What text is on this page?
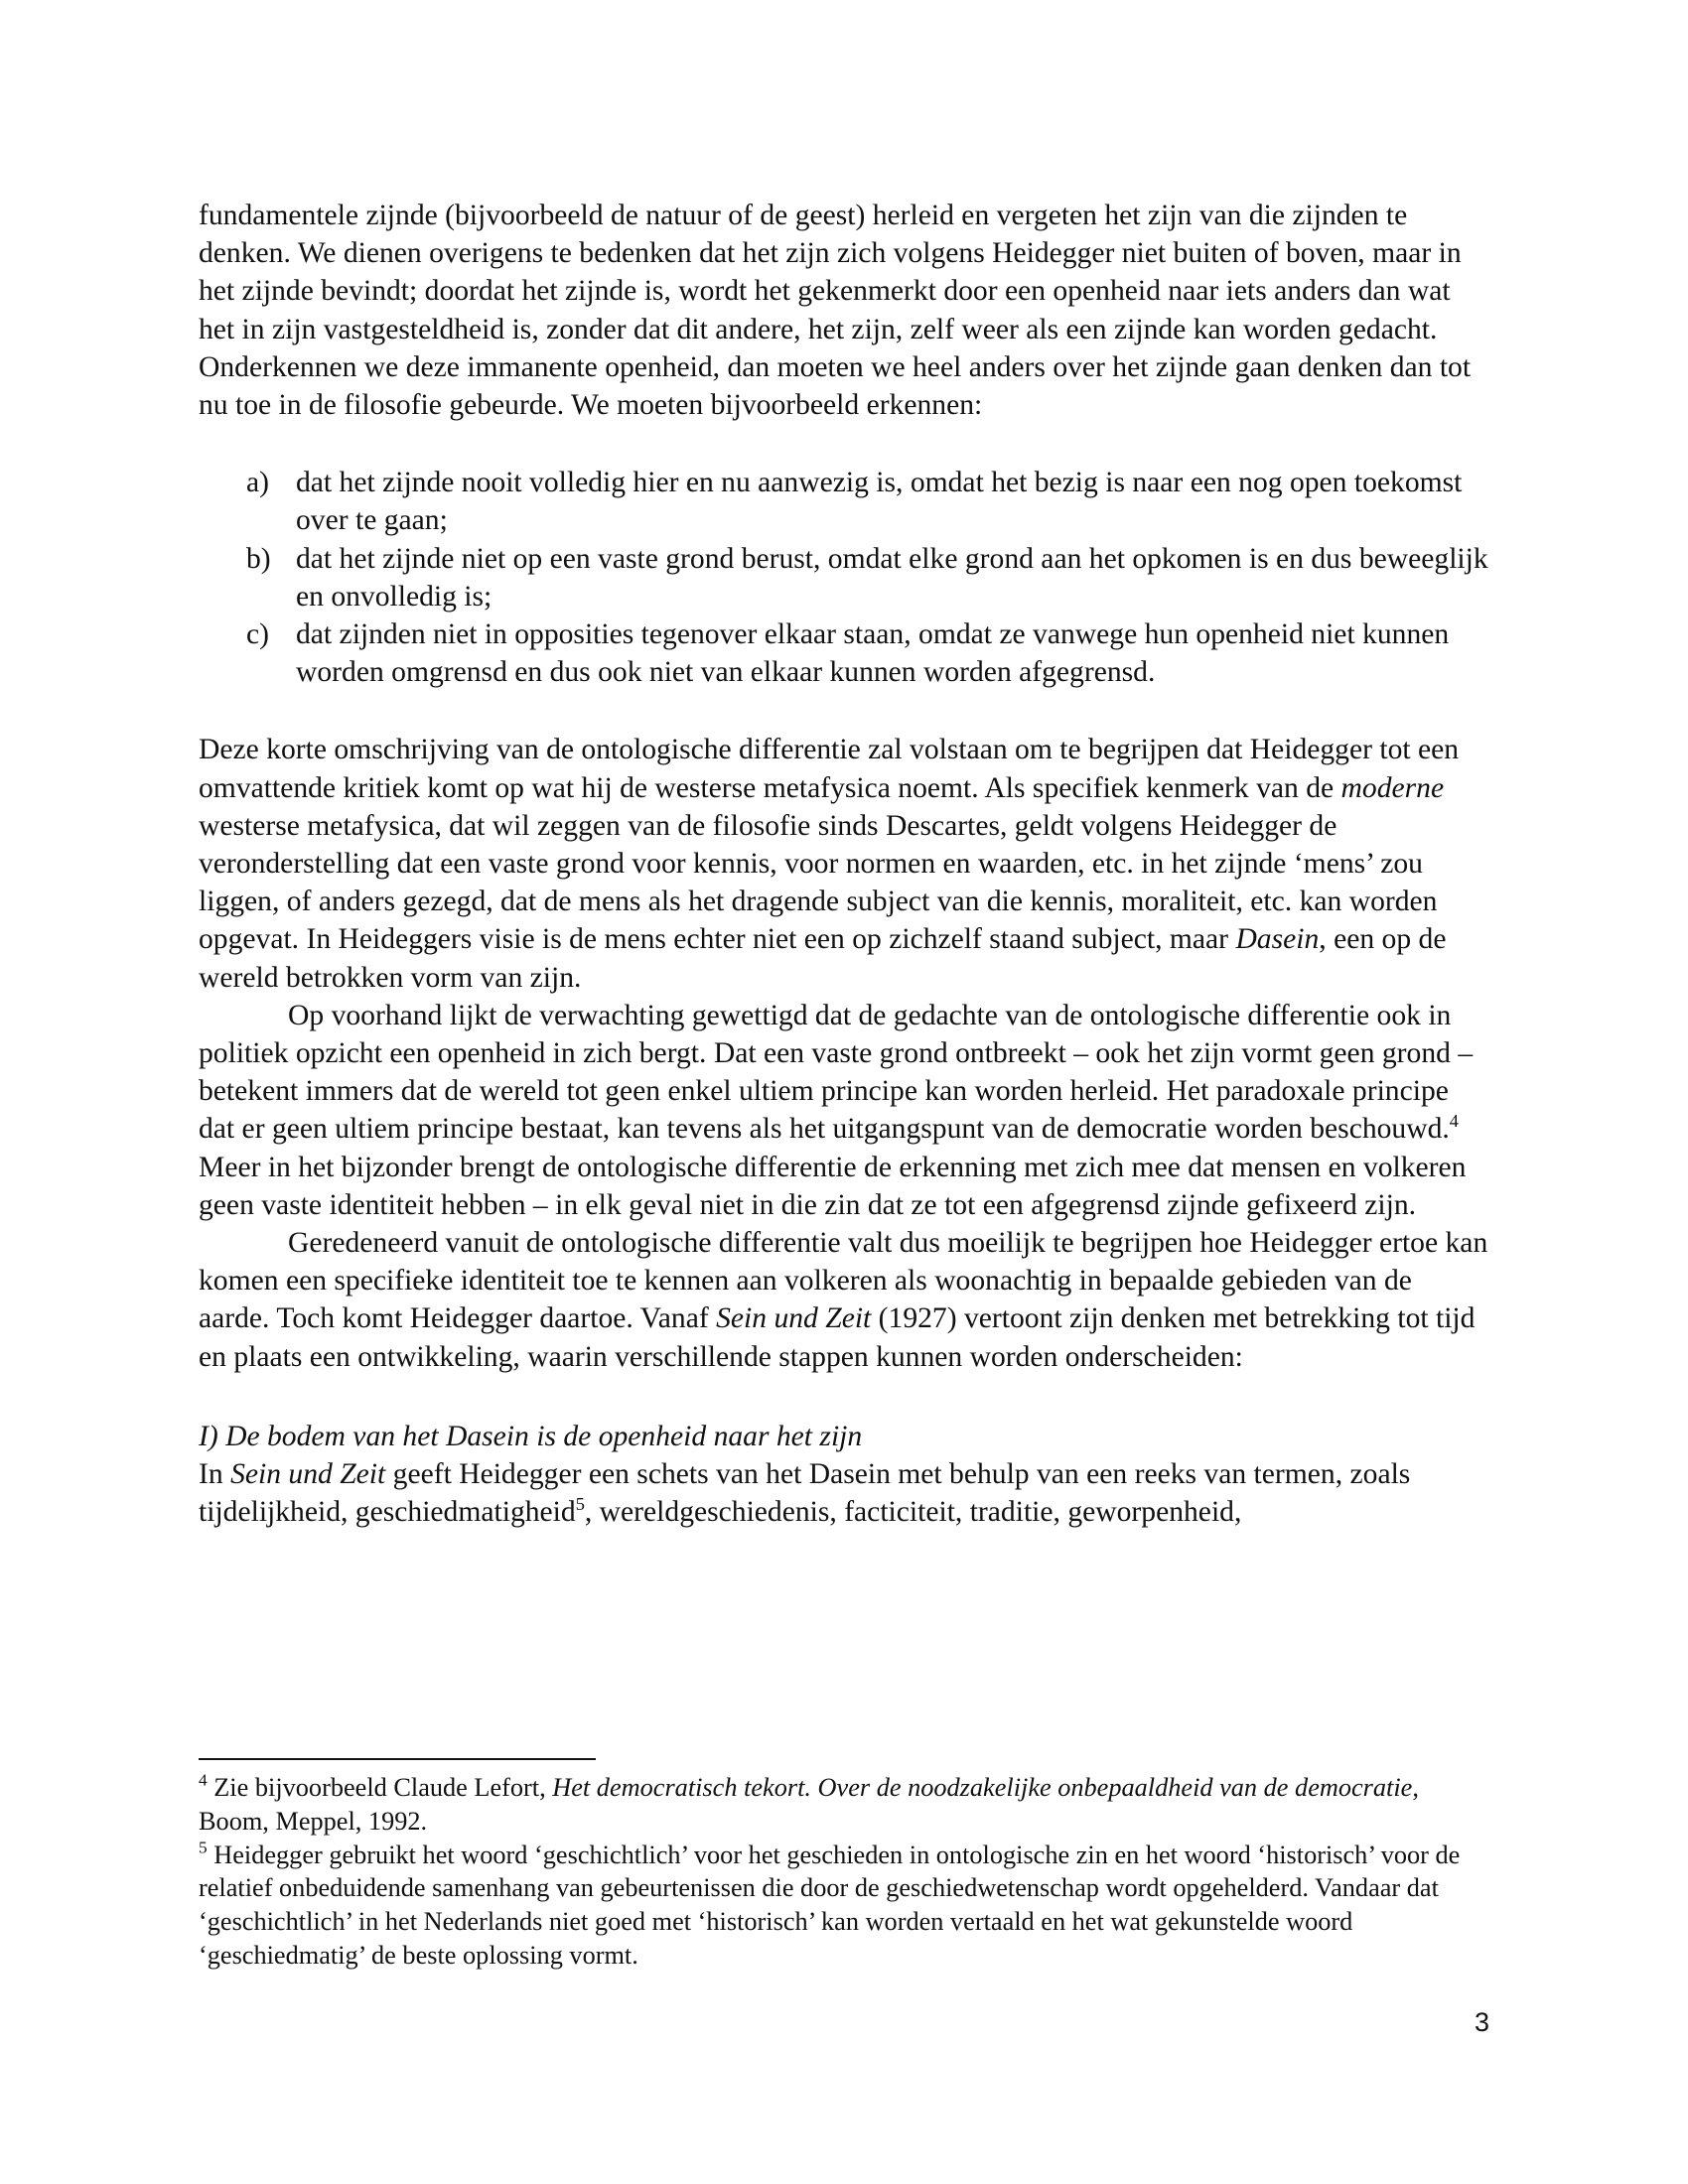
fundamentele zijnde (bijvoorbeeld de natuur of de geest) herleid en vergeten het zijn van die zijnden te denken. We dienen overigens te bedenken dat het zijn zich volgens Heidegger niet buiten of boven, maar in het zijnde bevindt; doordat het zijnde is, wordt het gekenmerkt door een openheid naar iets anders dan wat het in zijn vastgesteldheid is, zonder dat dit andere, het zijn, zelf weer als een zijnde kan worden gedacht. Onderkennen we deze immanente openheid, dan moeten we heel anders over het zijnde gaan denken dan tot nu toe in de filosofie gebeurde. We moeten bijvoorbeeld erkennen:

a) dat het zijnde nooit volledig hier en nu aanwezig is, omdat het bezig is naar een nog open toekomst over te gaan;
b) dat het zijnde niet op een vaste grond berust, omdat elke grond aan het opkomen is en dus beweeglijk en onvolledig is;
c) dat zijnden niet in opposities tegenover elkaar staan, omdat ze vanwege hun openheid niet kunnen worden omgrensd en dus ook niet van elkaar kunnen worden afgegrensd.

Deze korte omschrijving van de ontologische differentie zal volstaan om te begrijpen dat Heidegger tot een omvattende kritiek komt op wat hij de westerse metafysica noemt. Als specifiek kenmerk van de moderne westerse metafysica, dat wil zeggen van de filosofie sinds Descartes, geldt volgens Heidegger de veronderstelling dat een vaste grond voor kennis, voor normen en waarden, etc. in het zijnde ‘mens’ zou liggen, of anders gezegd, dat de mens als het dragende subject van die kennis, moraliteit, etc. kan worden opgevat. In Heideggers visie is de mens echter niet een op zichzelf staand subject, maar Dasein, een op de wereld betrokken vorm van zijn.

Op voorhand lijkt de verwachting gewettigd dat de gedachte van de ontologische differentie ook in politiek opzicht een openheid in zich bergt. Dat een vaste grond ontbreekt – ook het zijn vormt geen grond – betekent immers dat de wereld tot geen enkel ultiem principe kan worden herleid. Het paradoxale principe dat er geen ultiem principe bestaat, kan tevens als het uitgangspunt van de democratie worden beschouwd.$^4$ Meer in het bijzonder brengt de ontologische differentie de erkenning met zich mee dat mensen en volkeren geen vaste identiteit hebben – in elk geval niet in die zin dat ze tot een afgegrensd zijnde gefixeerd zijn.

Geredeneerd vanuit de ontologische differentie valt dus moeilijk te begrijpen hoe Heidegger ertoe kan komen een specifieke identiteit toe te kennen aan volkeren als woonachtig in bepaalde gebieden van de aarde. Toch komt Heidegger daartoe. Vanaf Sein und Zeit (1927) vertoont zijn denken met betrekking tot tijd en plaats een ontwikkeling, waarin verschillende stappen kunnen worden onderscheiden:

I) De bodem van het Dasein is de openheid naar het zijn

In Sein und Zeit geeft Heidegger een schets van het Dasein met behulp van een reeks van termen, zoals tijdelijkheid, geschiedmatigheid$^5$, wereldgeschiedenis, facticiteit, traditie, geworpenheid,

$^4$ Zie bijvoorbeeld Claude Lefort, Het democratisch tekort. Over de noodzakelijke onbepaaldheid van de democratie, Boom, Meppel, 1992.

$^5$ Heidegger gebruikt het woord ‘geschichtlich’ voor het geschieden in ontologische zin en het woord ‘historisch’ voor de relatief onbeduidende samenhang van gebeurtenissen die door de geschiedwetenschap wordt opgehelderd. Vandaar dat ‘geschichtlich’ in het Nederlands niet goed met ‘historisch’ kan worden vertaald en het wat gekunstelde woord ‘geschiedmatig’ de beste oplossing vormt.

3
